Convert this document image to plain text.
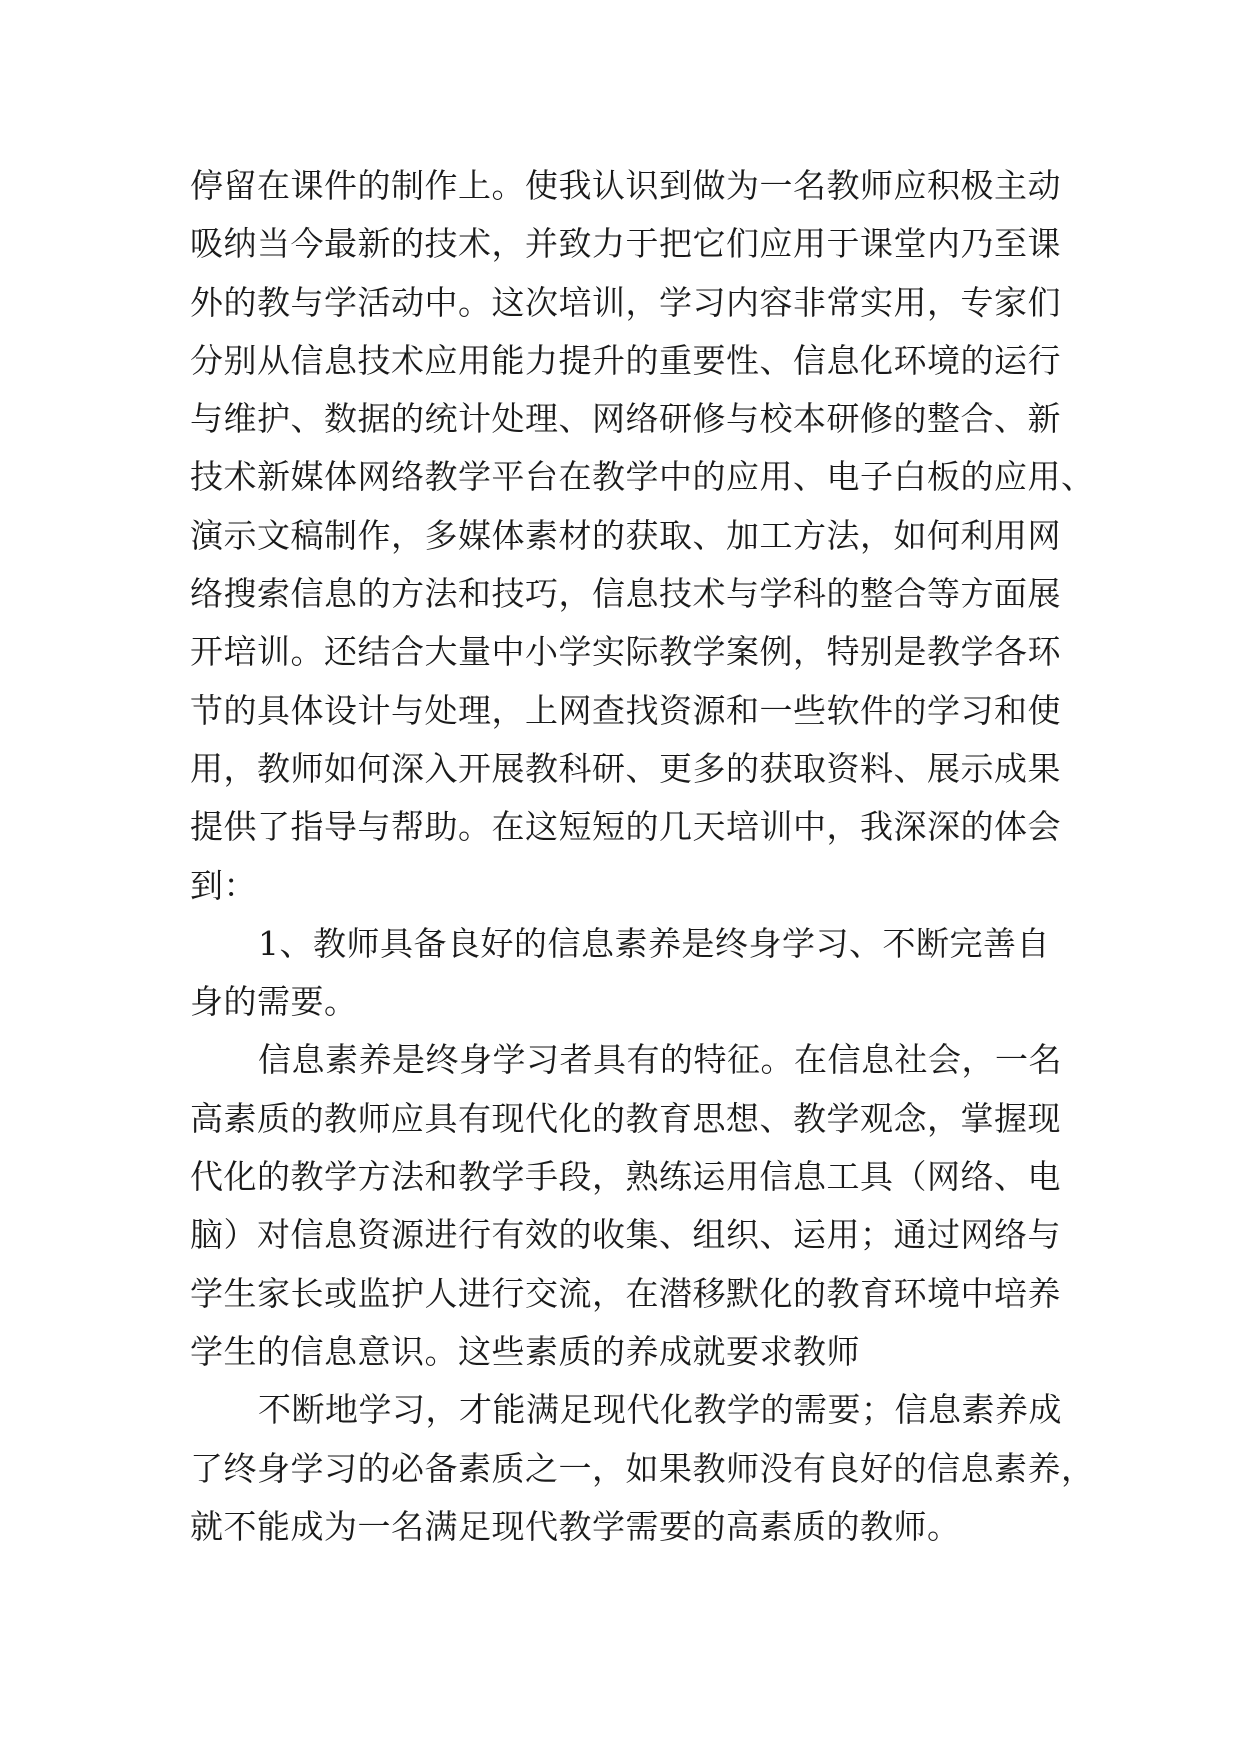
停留在课件的制作上。使我认识到做为一名教师应积极主动
吸纳当今最新的技术，并致力于把它们应用于课堂内乃至课
外的教与学活动中。这次培训，学习内容非常实用，专家们
分别从信息技术应用能力提升的重要性、信息化环境的运行
与维护、数据的统计处理、网络研修与校本研修的整合、新
技术新媒体网络教学平台在教学中的应用、电子白板的应用、
演示文稿制作，多媒体素材的获取、加工方法，如何利用网
络搜索信息的方法和技巧，信息技术与学科的整合等方面展
开培训。还结合大量中小学实际教学案例，特别是教学各环
节的具体设计与处理，上网查找资源和一些软件的学习和使
用，教师如何深入开展教科研、更多的获取资料、展示成果
提供了指导与帮助。在这短短的几天培训中，我深深的体会
到：
1、教师具备良好的信息素养是终身学习、不断完善自
身的需要。
信息素养是终身学习者具有的特征。在信息社会，一名
高素质的教师应具有现代化的教育思想、教学观念，掌握现
代化的教学方法和教学手段，熟练运用信息工具（网络、电
脑）对信息资源进行有效的收集、组织、运用；通过网络与
学生家长或监护人进行交流，在潜移默化的教育环境中培养
学生的信息意识。这些素质的养成就要求教师
不断地学习，才能满足现代化教学的需要；信息素养成
了终身学习的必备素质之一，如果教师没有良好的信息素养，
就不能成为一名满足现代教学需要的高素质的教师。
